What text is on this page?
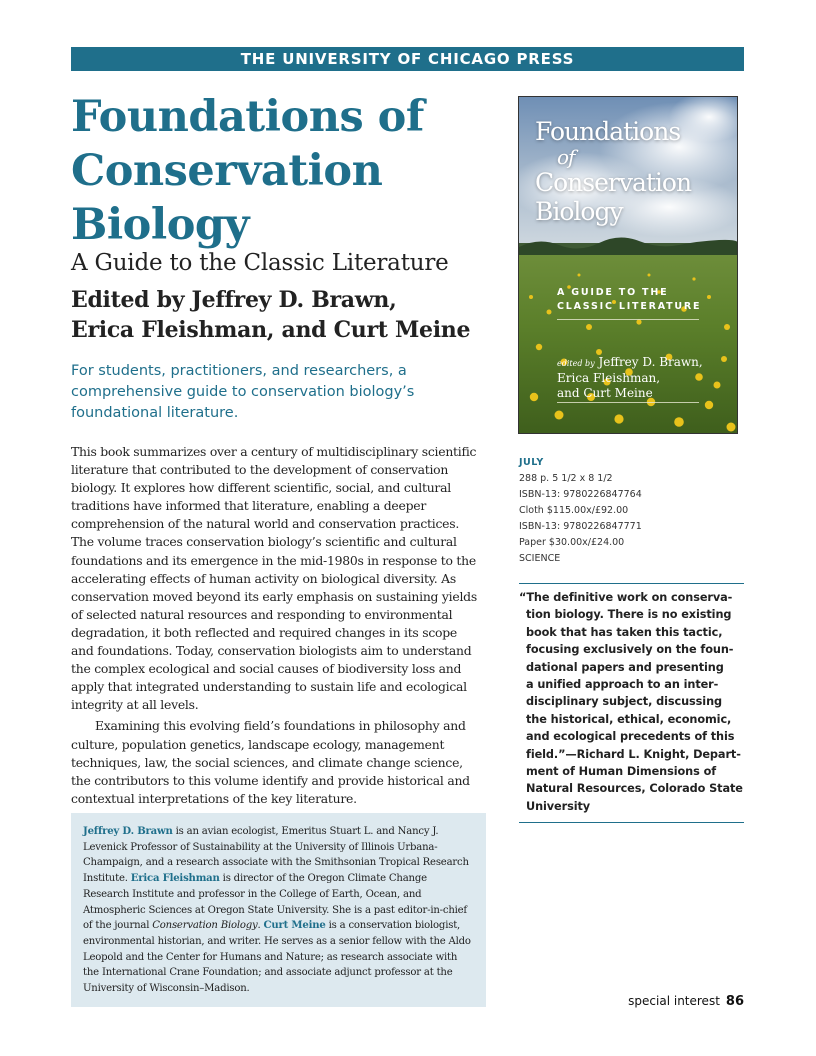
THE UNIVERSITY OF CHICAGO PRESS
Foundations of
Conservation
Biology
A Guide to the Classic Literature
Edited by Jeffrey D. Brawn,
Erica Fleishman, and Curt Meine
For students, practitioners, and researchers, a comprehensive guide to conservation biology’s foundational literature.

This book summarizes over a century of multidisciplinary scientific literature that contributed to the development of conservation biology. It explores how different scientific, social, and cultural traditions have informed that literature, enabling a deeper comprehension of the natural world and conservation practices. The volume traces conservation biology’s scientific and cultural foundations and its emergence in the mid-1980s in response to the accelerating effects of human activity on biological diversity. As conservation moved beyond its early emphasis on sustaining yields of selected natural resources and responding to environmental degradation, it both reflected and required changes in its scope and foundations. Today, conservation biologists aim to understand the complex ecological and social causes of biodiversity loss and apply that integrated understanding to sustain life and ecological integrity at all levels.

Examining this evolving field’s foundations in philosophy and culture, population genetics, landscape ecology, management techniques, law, the social sciences, and climate change science, the contributors to this volume identify and provide historical and contextual interpretations of the key literature.

Jeffrey D. Brawn is an avian ecologist, Emeritus Stuart L. and Nancy J. Levenick Professor of Sustainability at the University of Illinois Urbana-Champaign, and a research associate with the Smithsonian Tropical Research Institute. Erica Fleishman is director of the Oregon Climate Change Research Institute and professor in the College of Earth, Ocean, and Atmospheric Sciences at Oregon State University. She is a past editor-in-chief of the journal Conservation Biology. Curt Meine is a conservation biologist, environmental historian, and writer. He serves as a senior fellow with the Aldo Leopold and the Center for Humans and Nature; as research associate with the International Crane Foundation; and associate adjunct professor at the University of Wisconsin–Madison.
Foundations
of
Conservation
Biology
A GUIDE TO THE
CLASSIC LITERATURE
edited by Jeffrey D. Brawn,
Erica Fleishman,
and Curt Meine
JULY
288 p. 5 1/2 x 8 1/2
ISBN-13: 9780226847764
Cloth $115.00x/£92.00
ISBN-13: 9780226847771
Paper $30.00x/£24.00
SCIENCE
“The definitive work on conserva-
tion biology. There is no existing
book that has taken this tactic,
focusing exclusively on the foun-
dational papers and presenting
a unified approach to an inter-
disciplinary subject, discussing
the historical, ethical, economic,
and ecological precedents of this
field.”—Richard L. Knight, Depart-
ment of Human Dimensions of
Natural Resources, Colorado State
University
special interest 86
